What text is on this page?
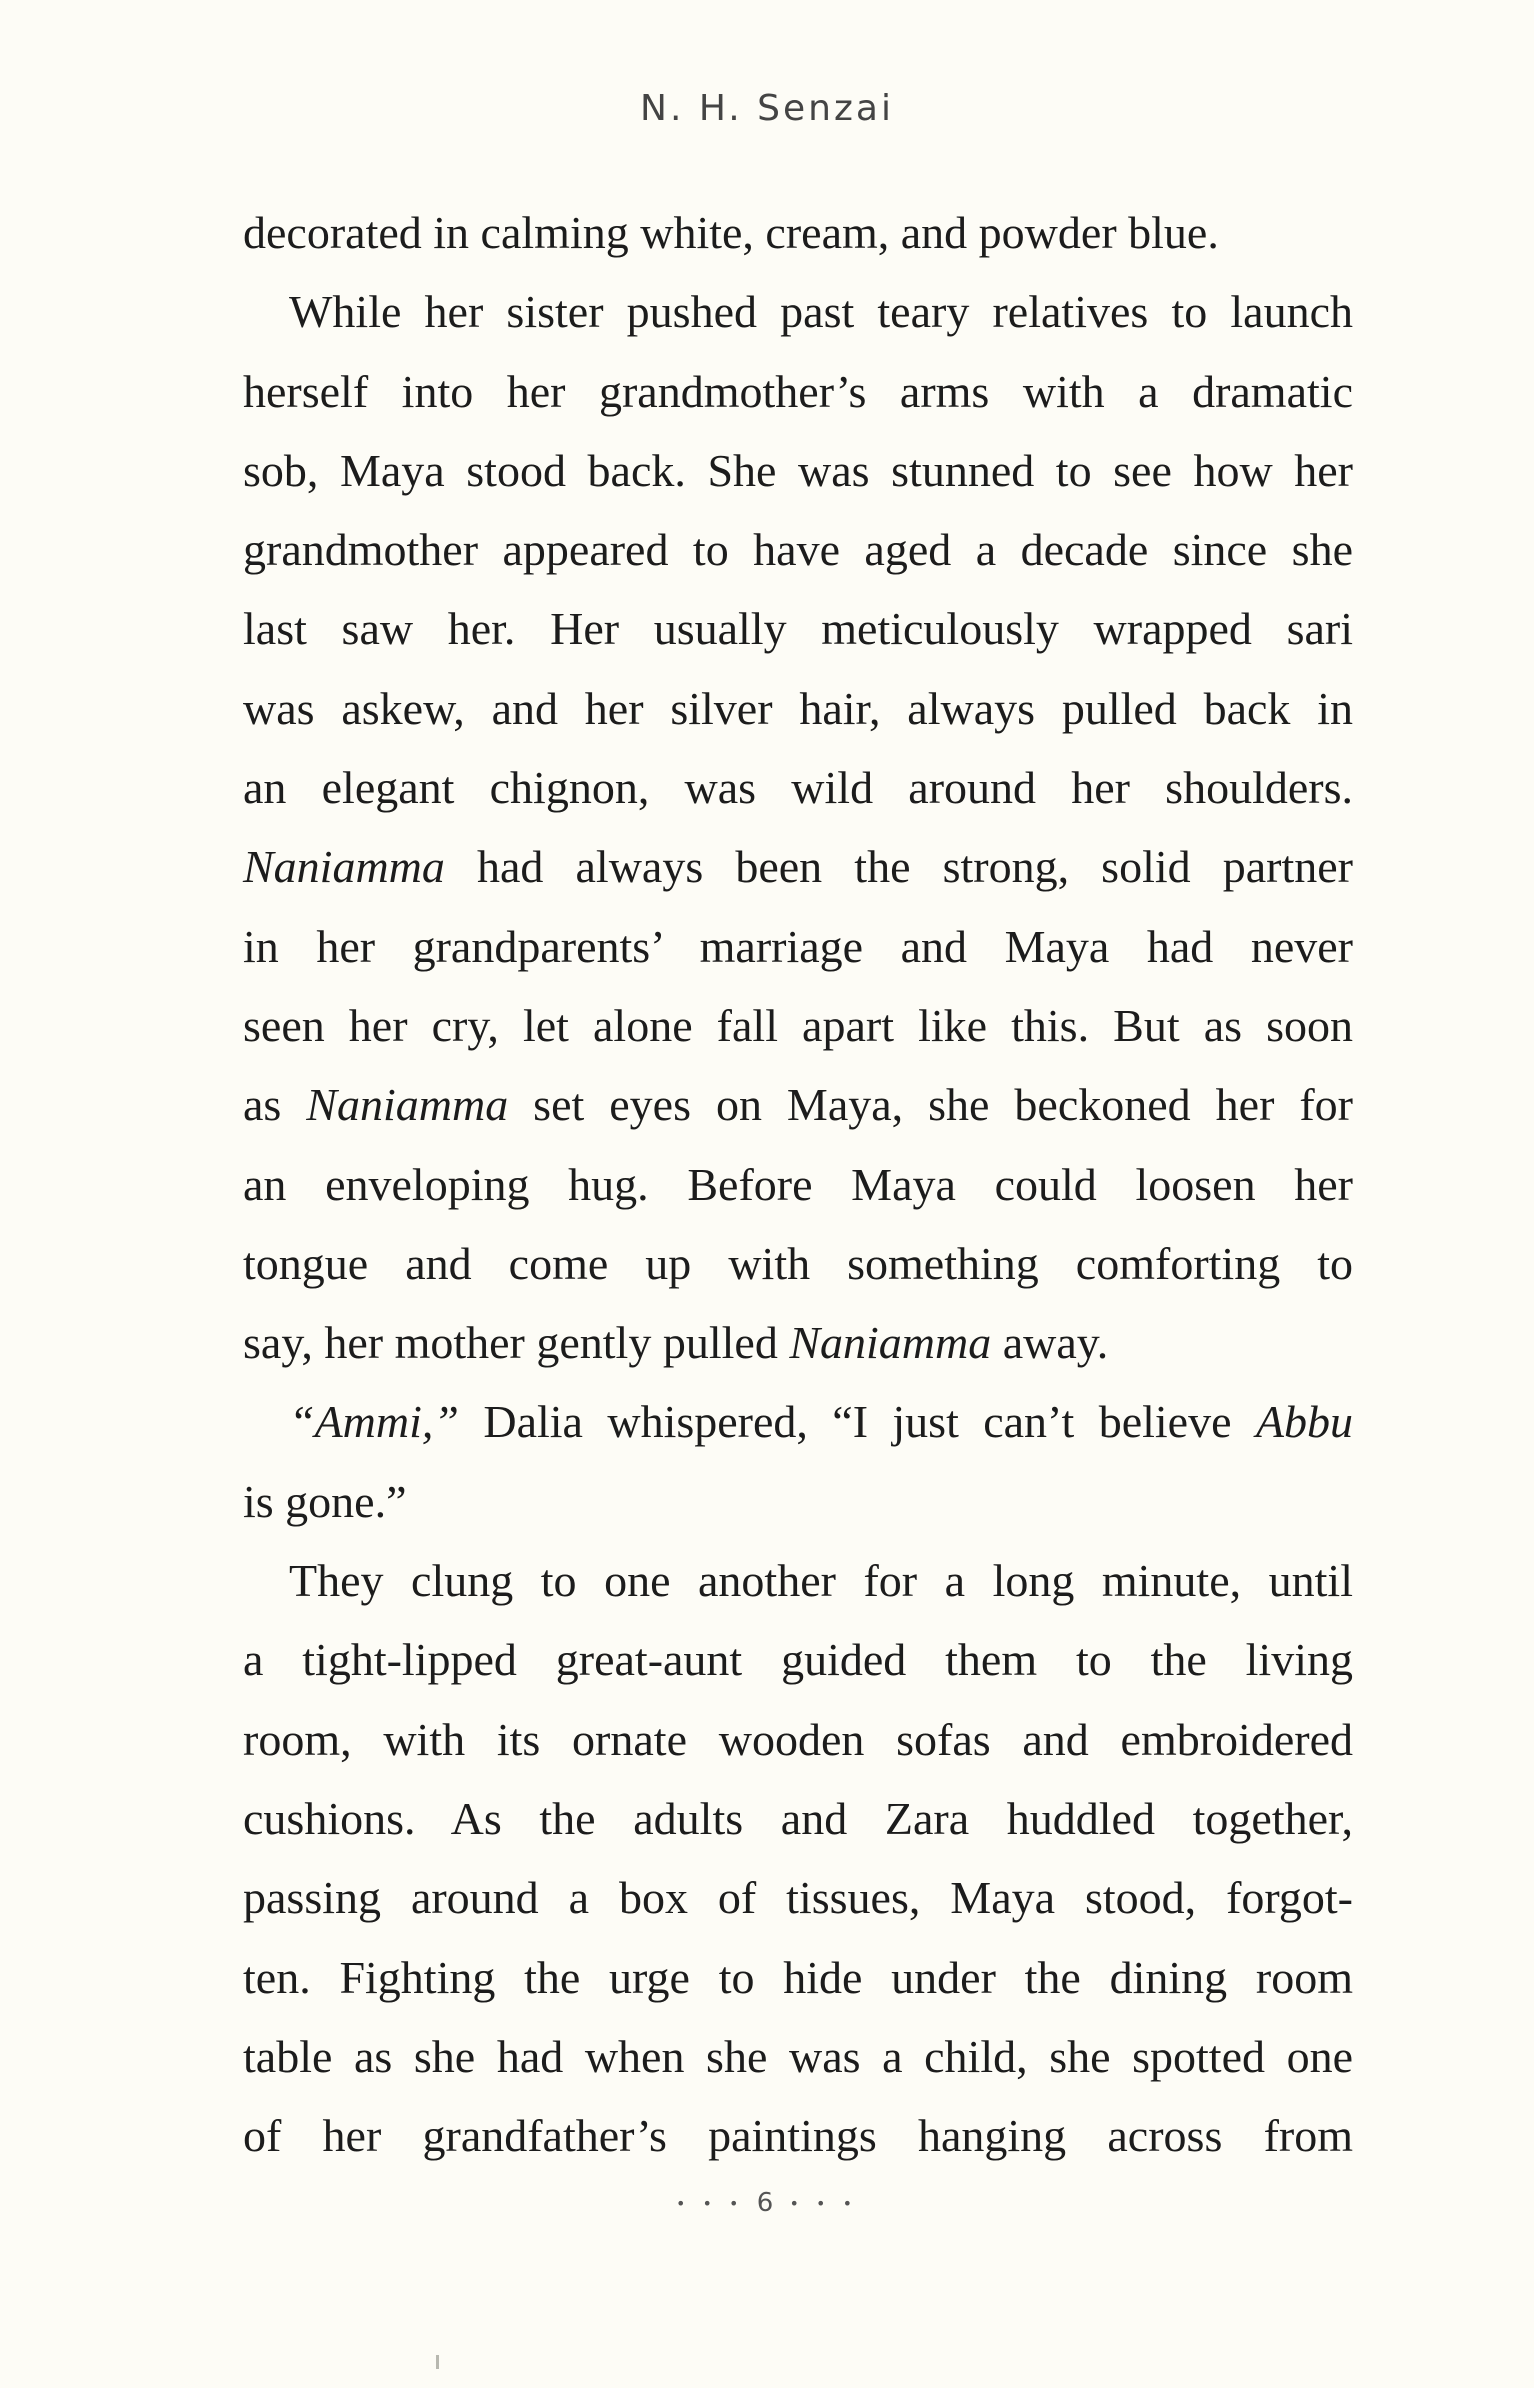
N. H. Senzai
decorated in calming white, cream, and powder blue.
While her sister pushed past teary relatives to launch
herself into her grandmother’s arms with a dramatic
sob, Maya stood back. She was stunned to see how her
grandmother appeared to have aged a decade since she
last saw her. Her usually meticulously wrapped sari
was askew, and her silver hair, always pulled back in
an elegant chignon, was wild around her shoulders.
Naniamma had always been the strong, solid partner
in her grandparents’ marriage and Maya had never
seen her cry, let alone fall apart like this. But as soon
as Naniamma set eyes on Maya, she beckoned her for
an enveloping hug. Before Maya could loosen her
tongue and come up with something comforting to
say, her mother gently pulled Naniamma away.
“Ammi,” Dalia whispered, “I just can’t believe Abbu
is gone.”
They clung to one another for a long minute, until
a tight-lipped great-aunt guided them to the living
room, with its ornate wooden sofas and embroidered
cushions. As the adults and Zara huddled together,
passing around a box of tissues, Maya stood, forgot-
ten. Fighting the urge to hide under the dining room
table as she had when she was a child, she spotted one
of her grandfather’s paintings hanging across from
• • • 6 • • •
